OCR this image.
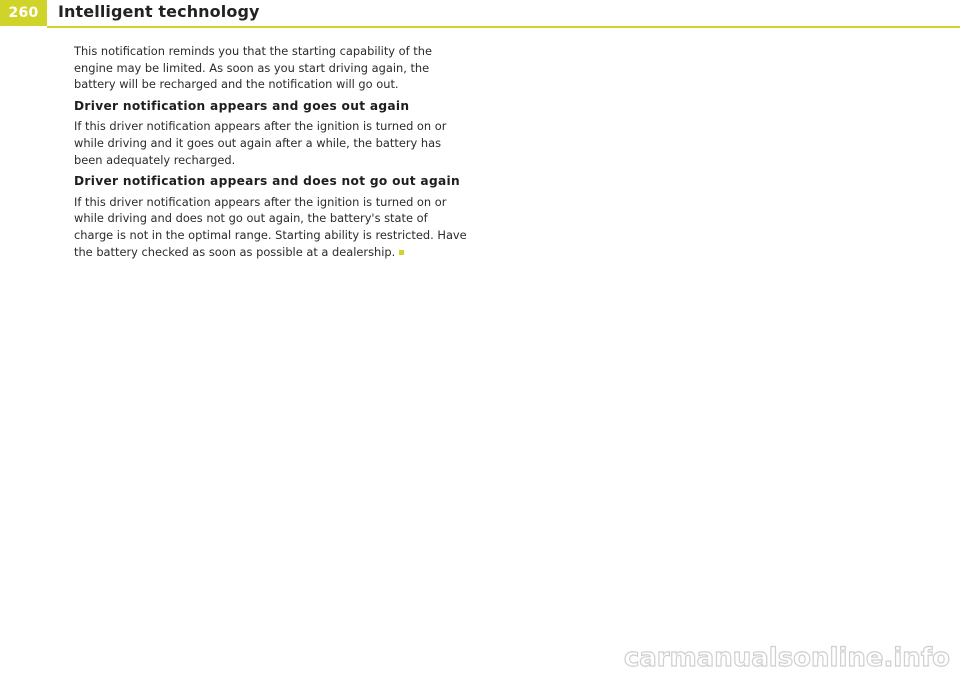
260 Intelligent technology

This notification reminds you that the starting capability of the engine may be limited. As soon as you start driving again, the battery will be recharged and the notification will go out.

Driver notification appears and goes out again

If this driver notification appears after the ignition is turned on or while driving and it goes out again after a while, the battery has been adequately recharged.

Driver notification appears and does not go out again

If this driver notification appears after the ignition is turned on or while driving and does not go out again, the battery's state of charge is not in the optimal range. Starting ability is restricted. Have the battery checked as soon as possible at a dealership.

carmanualsonline.info
